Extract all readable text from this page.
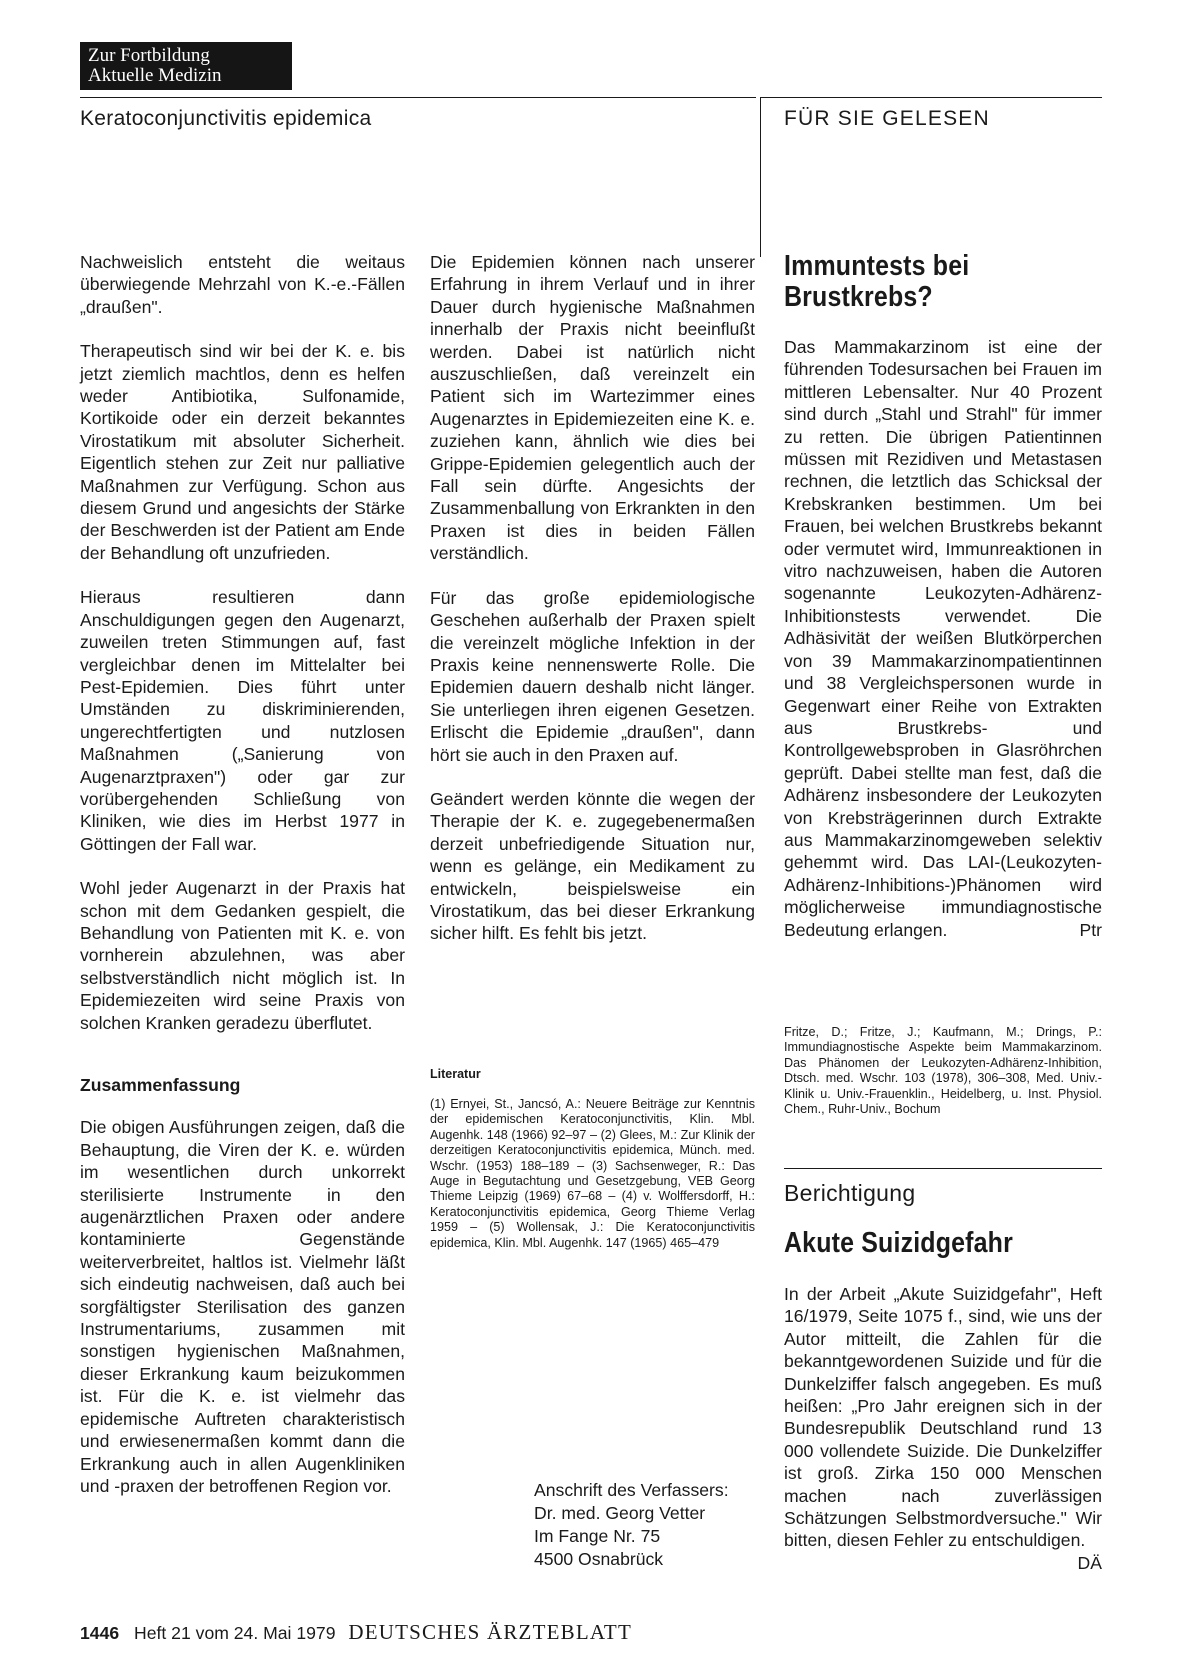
Zur Fortbildung
Aktuelle Medizin
Keratoconjunctivitis epidemica	FÜR SIE GELESEN

Nachweislich entsteht die weitaus überwiegende Mehrzahl von K.-e.-Fällen „draußen".

Therapeutisch sind wir bei der K. e. bis jetzt ziemlich machtlos, denn es helfen weder Antibiotika, Sulfonamide, Kortikoide oder ein derzeit bekanntes Virostatikum mit absoluter Sicherheit. Eigentlich stehen zur Zeit nur palliative Maßnahmen zur Verfügung. Schon aus diesem Grund und angesichts der Stärke der Beschwerden ist der Patient am Ende der Behandlung oft unzufrieden.

Hieraus resultieren dann Anschuldigungen gegen den Augenarzt, zuweilen treten Stimmungen auf, fast vergleichbar denen im Mittelalter bei Pest-Epidemien. Dies führt unter Umständen zu diskriminierenden, ungerechtfertigten und nutzlosen Maßnahmen („Sanierung von Augenarztpraxen") oder gar zur vorübergehenden Schließung von Kliniken, wie dies im Herbst 1977 in Göttingen der Fall war.

Wohl jeder Augenarzt in der Praxis hat schon mit dem Gedanken gespielt, die Behandlung von Patienten mit K. e. von vornherein abzulehnen, was aber selbstverständlich nicht möglich ist. In Epidemiezeiten wird seine Praxis von solchen Kranken geradezu überflutet.

Zusammenfassung

Die obigen Ausführungen zeigen, daß die Behauptung, die Viren der K. e. würden im wesentlichen durch unkorrekt sterilisierte Instrumente in den augenärztlichen Praxen oder andere kontaminierte Gegenstände weiterverbreitet, haltlos ist. Vielmehr läßt sich eindeutig nachweisen, daß auch bei sorgfältigster Sterilisation des ganzen Instrumentariums, zusammen mit sonstigen hygienischen Maßnahmen, dieser Erkrankung kaum beizukommen ist. Für die K. e. ist vielmehr das epidemische Auftreten charakteristisch und erwiesenermaßen kommt dann die Erkrankung auch in allen Augenkliniken und -praxen der betroffenen Region vor.

Die Epidemien können nach unserer Erfahrung in ihrem Verlauf und in ihrer Dauer durch hygienische Maßnahmen innerhalb der Praxis nicht beeinflußt werden. Dabei ist natürlich nicht auszuschließen, daß vereinzelt ein Patient sich im Wartezimmer eines Augenarztes in Epidemiezeiten eine K. e. zuziehen kann, ähnlich wie dies bei Grippe-Epidemien gelegentlich auch der Fall sein dürfte. Angesichts der Zusammenballung von Erkrankten in den Praxen ist dies in beiden Fällen verständlich.

Für das große epidemiologische Geschehen außerhalb der Praxen spielt die vereinzelt mögliche Infektion in der Praxis keine nennenswerte Rolle. Die Epidemien dauern deshalb nicht länger. Sie unterliegen ihren eigenen Gesetzen. Erlischt die Epidemie „draußen", dann hört sie auch in den Praxen auf.

Geändert werden könnte die wegen der Therapie der K. e. zugegebenermaßen derzeit unbefriedigende Situation nur, wenn es gelänge, ein Medikament zu entwickeln, beispielsweise ein Virostatikum, das bei dieser Erkrankung sicher hilft. Es fehlt bis jetzt.

Literatur
(1) Ernyei, St., Jancsó, A.: Neuere Beiträge zur Kenntnis der epidemischen Keratoconjunctivitis, Klin. Mbl. Augenhk. 148 (1966) 92–97 – (2) Glees, M.: Zur Klinik der derzeitigen Keratoconjunctivitis epidemica, Münch. med. Wschr. (1953) 188–189 – (3) Sachsenweger, R.: Das Auge in Begutachtung und Gesetzgebung, VEB Georg Thieme Leipzig (1969) 67–68 – (4) v. Wolffersdorff, H.: Keratoconjunctivitis epidemica, Georg Thieme Verlag 1959 – (5) Wollensak, J.: Die Keratoconjunctivitis epidemica, Klin. Mbl. Augenhk. 147 (1965) 465–479
Anschrift des Verfassers:
Dr. med. Georg Vetter
Im Fange Nr. 75
4500 Osnabrück
Immuntests bei Brustkrebs?

Das Mammakarzinom ist eine der führenden Todesursachen bei Frauen im mittleren Lebensalter. Nur 40 Prozent sind durch „Stahl und Strahl" für immer zu retten. Die übrigen Patientinnen müssen mit Rezidiven und Metastasen rechnen, die letztlich das Schicksal der Krebskranken bestimmen. Um bei Frauen, bei welchen Brustkrebs bekannt oder vermutet wird, Immunreaktionen in vitro nachzuweisen, haben die Autoren sogenannte Leukozyten-Adhärenz-Inhibitionstests verwendet. Die Adhäsivität der weißen Blutkörperchen von 39 Mammakarzinompatientinnen und 38 Vergleichspersonen wurde in Gegenwart einer Reihe von Extrakten aus Brustkrebs- und Kontrollgewebsproben in Glasröhrchen geprüft. Dabei stellte man fest, daß die Adhärenz insbesondere der Leukozyten von Krebsträgerinnen durch Extrakte aus Mammakarzinomgeweben selektiv gehemmt wird. Das LAI-(Leukozyten-Adhärenz-Inhibitions-)Phänomen wird möglicherweise immundiagnostische Bedeutung erlangen.	Ptr

Fritze, D.; Fritze, J.; Kaufmann, M.; Drings, P.: Immundiagnostische Aspekte beim Mammakarzinom. Das Phänomen der Leukozyten-Adhärenz-Inhibition, Dtsch. med. Wschr. 103 (1978), 306–308, Med. Univ.-Klinik u. Univ.-Frauenklin., Heidelberg, u. Inst. Physiol. Chem., Ruhr-Univ., Bochum
Berichtigung
Akute Suizidgefahr

In der Arbeit „Akute Suizidgefahr", Heft 16/1979, Seite 1075 f., sind, wie uns der Autor mitteilt, die Zahlen für die bekanntgewordenen Suizide und für die Dunkelziffer falsch angegeben. Es muß heißen: „Pro Jahr ereignen sich in der Bundesrepublik Deutschland rund 13 000 vollendete Suizide. Die Dunkelziffer ist groß. Zirka 150 000 Menschen machen nach zuverlässigen Schätzungen Selbstmordversuche." Wir bitten, diesen Fehler zu entschuldigen.
DÄ

1446 Heft 21 vom 24. Mai 1979 DEUTSCHES ÄRZTEBLATT
